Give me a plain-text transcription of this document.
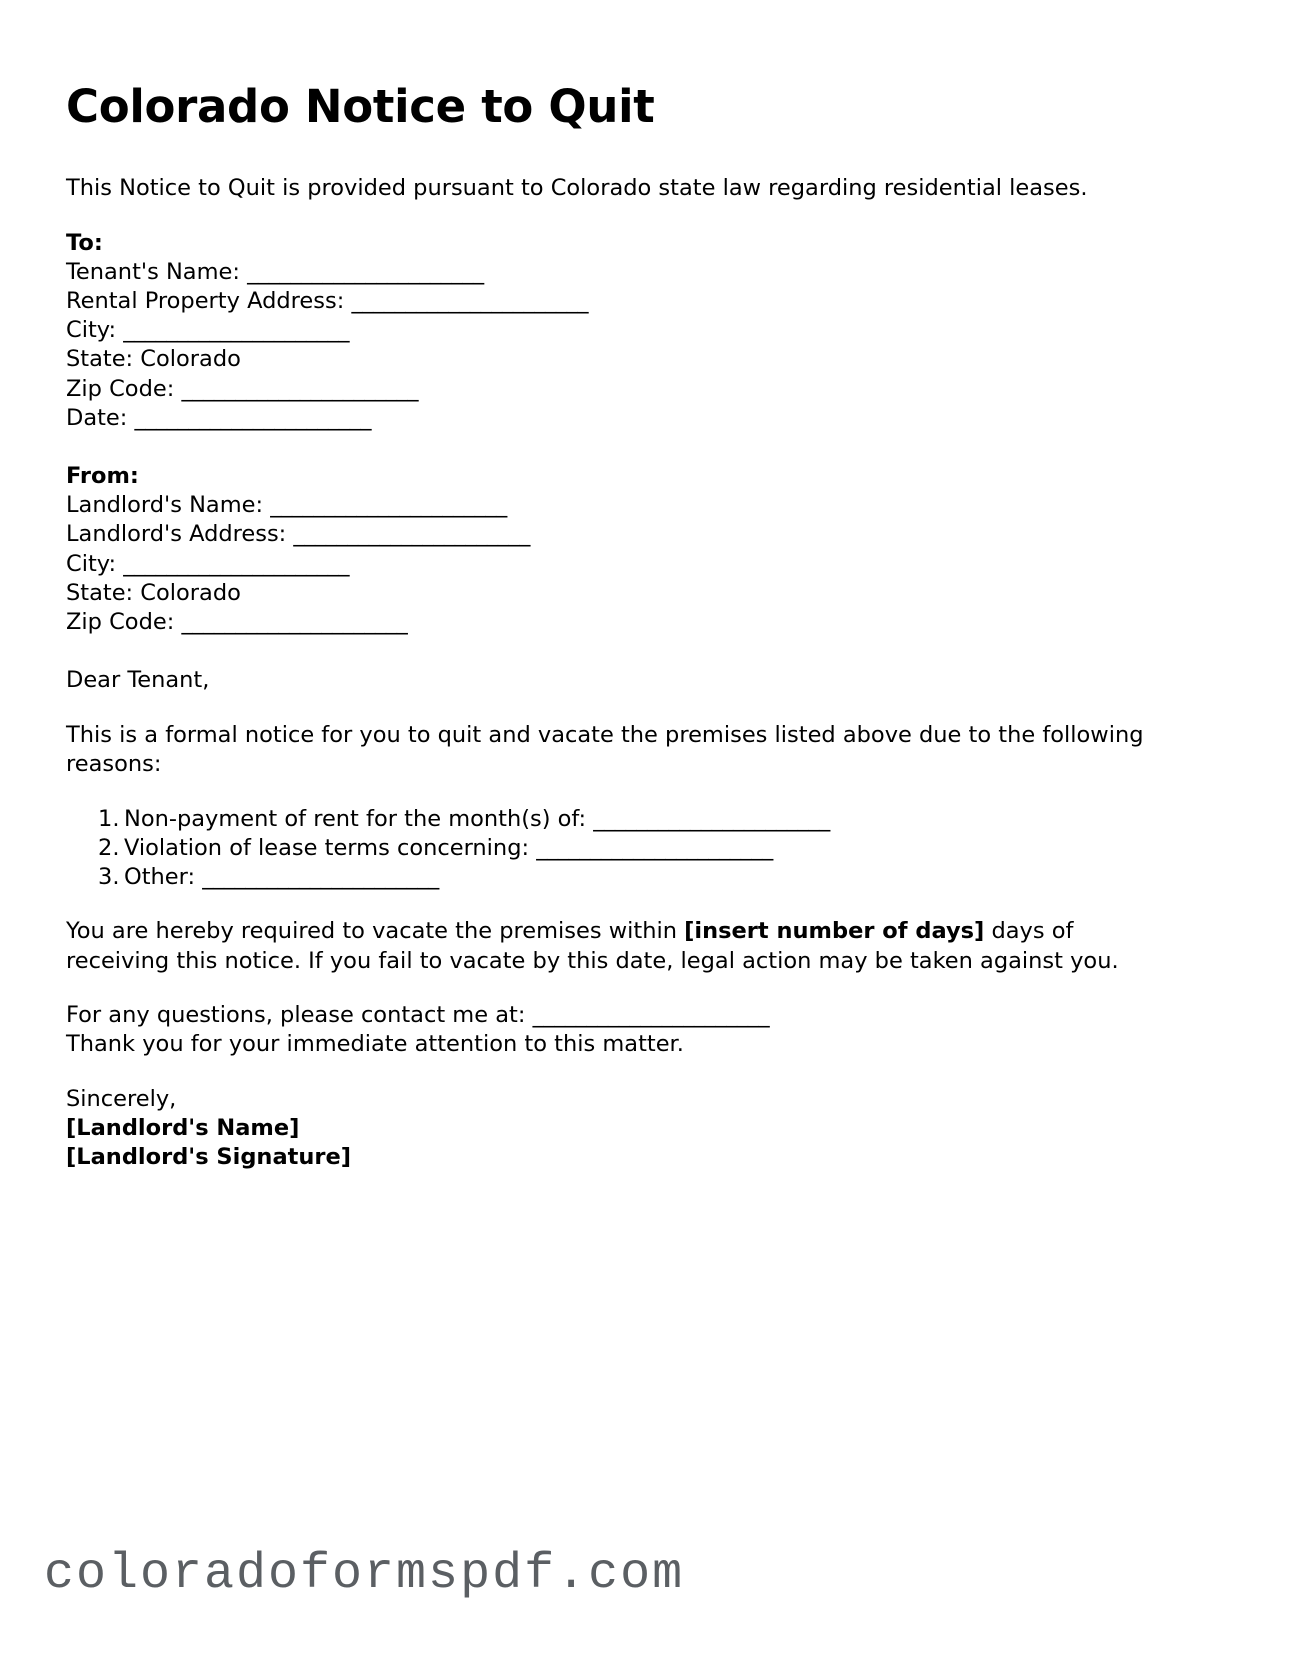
Colorado Notice to Quit

This Notice to Quit is provided pursuant to Colorado state law regarding residential leases.

To:
Tenant's Name: ______________________
Rental Property Address: ______________________
City: _____________________
State: Colorado
Zip Code: ______________________
Date: ______________________
From:
Landlord's Name: ______________________
Landlord's Address: ______________________
City: _____________________
State: Colorado
Zip Code: _____________________

Dear Tenant,

This is a formal notice for you to quit and vacate the premises listed above due to the following reasons:

1. Non-payment of rent for the month(s) of: ______________________
2. Violation of lease terms concerning: ______________________
3. Other: ______________________

You are hereby required to vacate the premises within [insert number of days] days of receiving this notice. If you fail to vacate by this date, legal action may be taken against you.

For any questions, please contact me at: ______________________
Thank you for your immediate attention to this matter.
Sincerely,
[Landlord's Name]
[Landlord's Signature]
coloradoformspdf.com
